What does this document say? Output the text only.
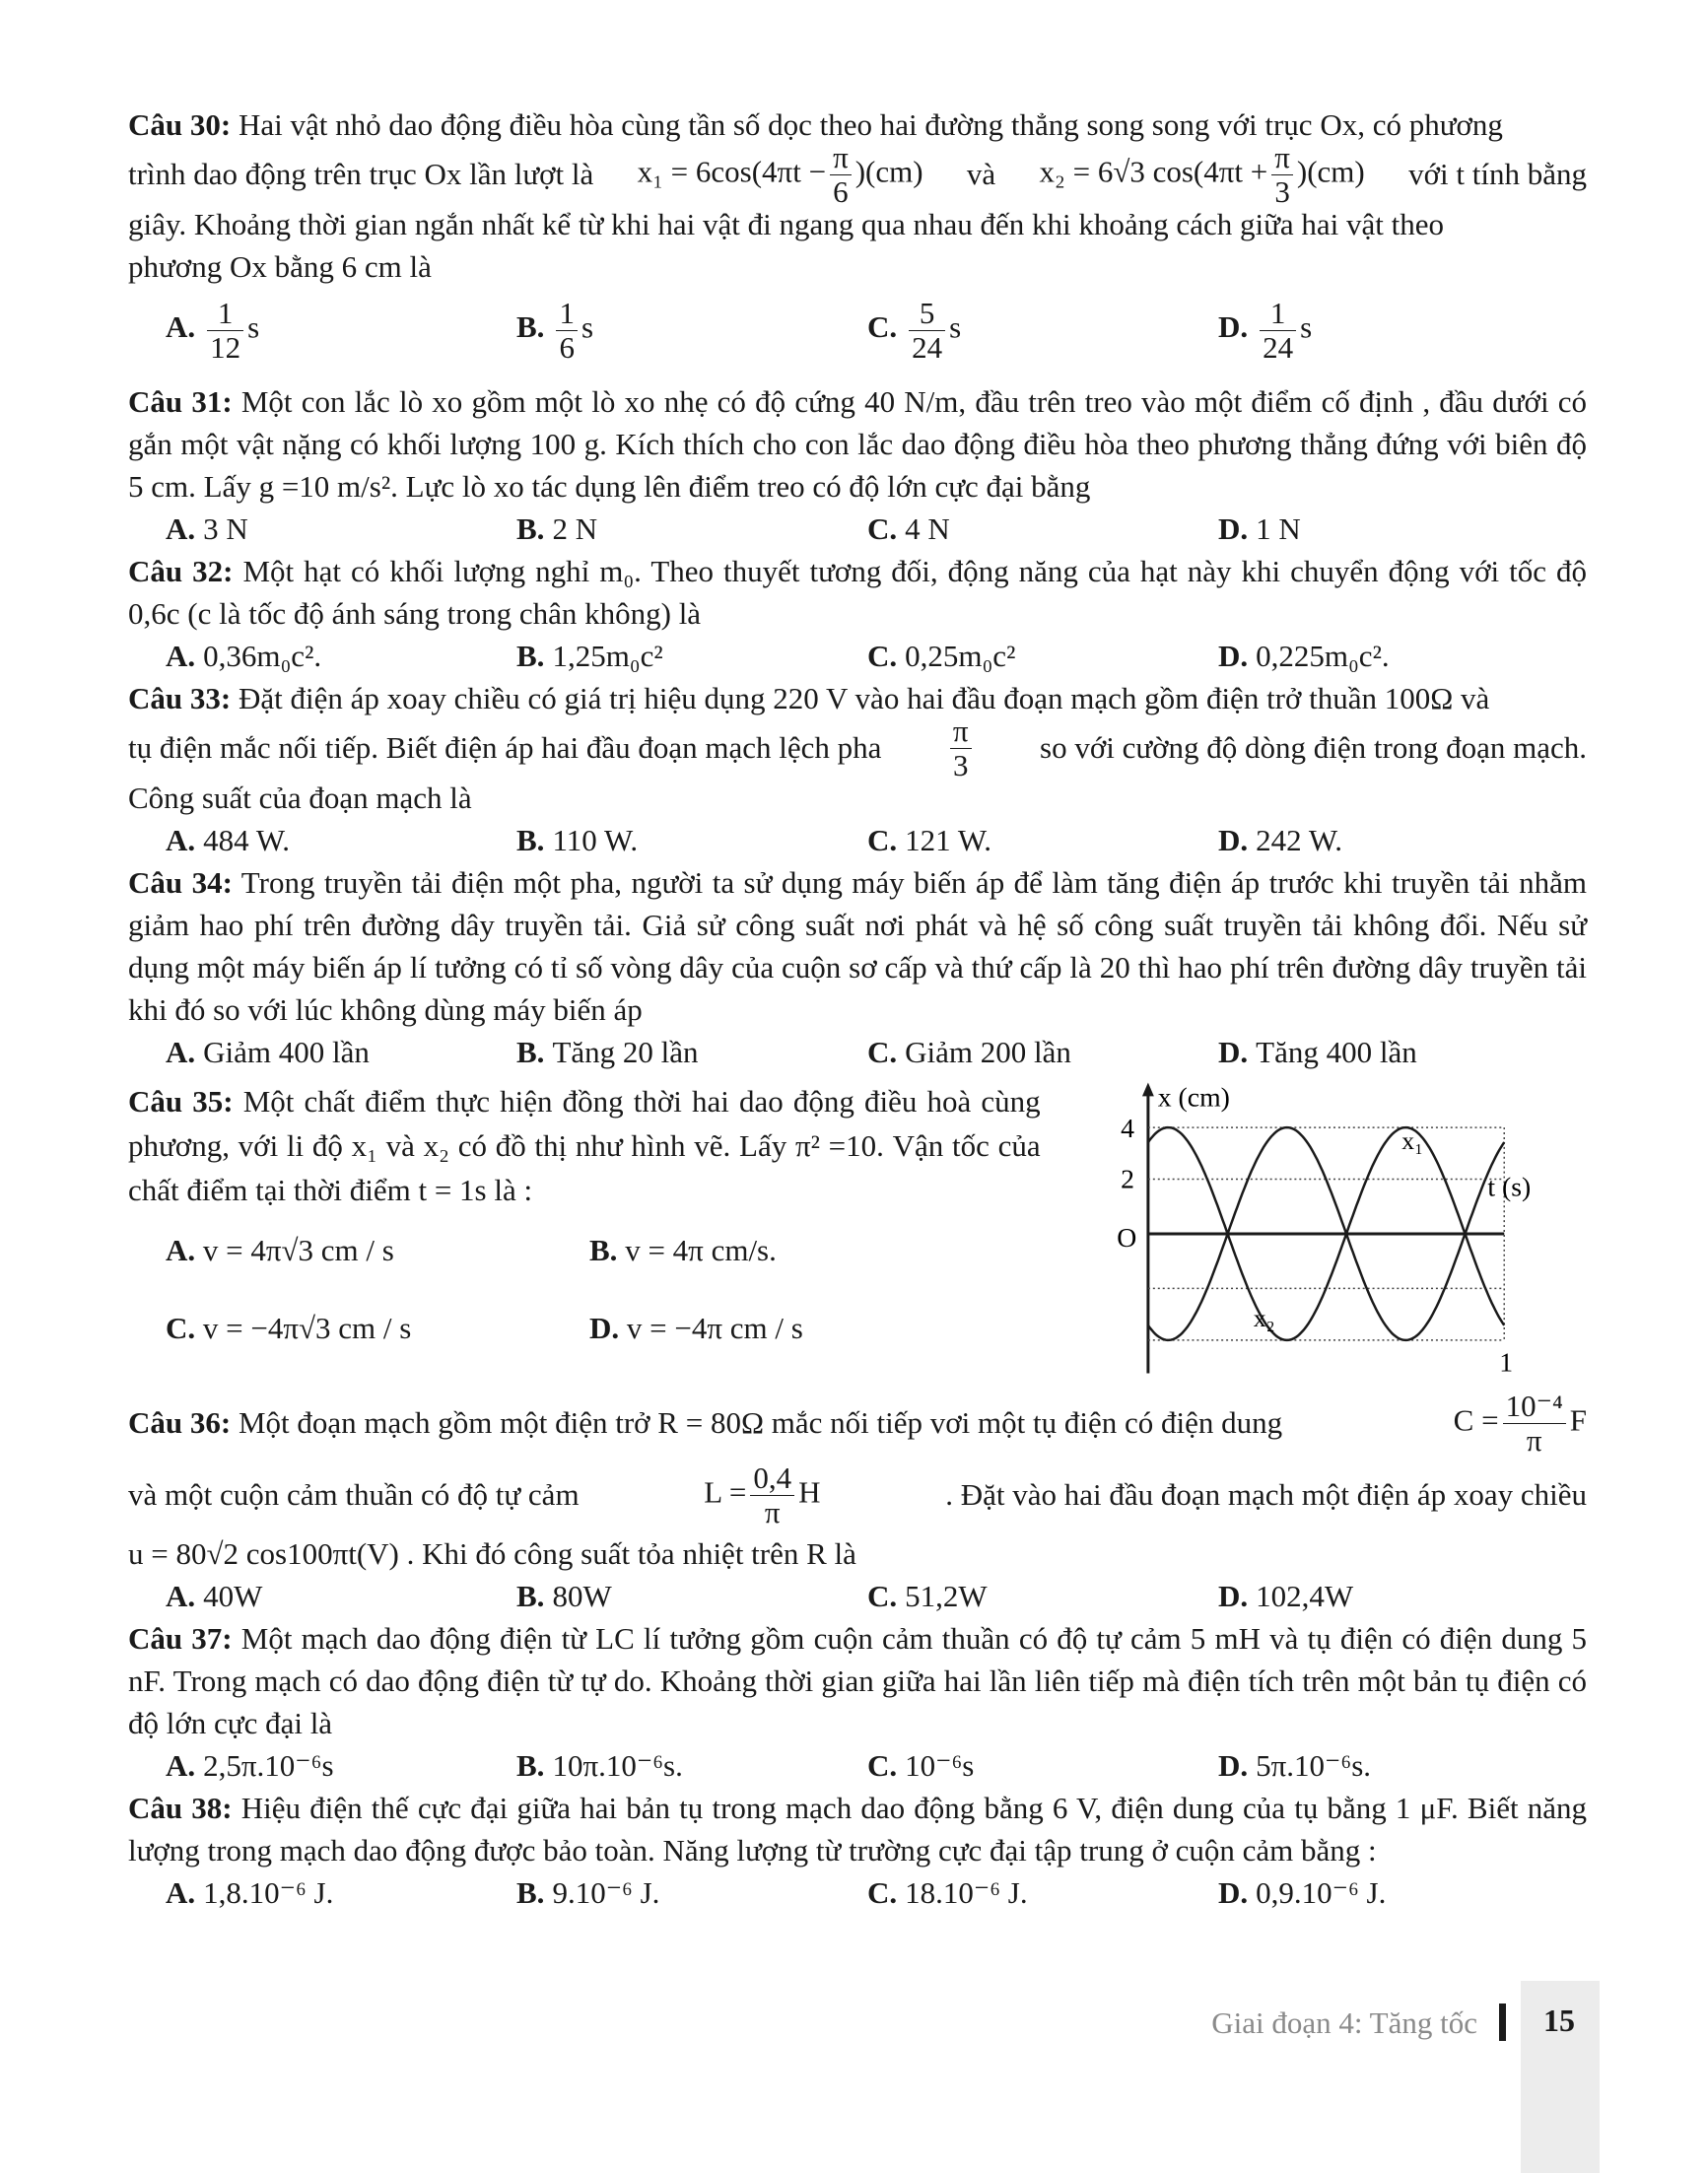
Câu 30: Hai vật nhỏ dao động điều hòa cùng tần số dọc theo hai đường thẳng song song với trục Ox, có phương
trình dao động trên trục Ox lần lượt là $x_1 = 6\cos(4\pi t - \frac{\pi}{6} )(cm)$ và x₂ = 6√3 $\cos(4\pi t + \frac{\pi}{3} )(cm)$ với t tính bằng
giây. Khoảng thời gian ngắn nhất kể từ khi hai vật đi ngang qua nhau đến khi khoảng cách giữa hai vật theo
phương Ox bằng 6 cm là
A. $\frac{1}{12}$ s	B. $\frac{1}{6}$ s	C. $\frac{5}{24}$ s	D. $\frac{1}{24}$ s
Câu 31: Một con lắc lò xo gồm một lò xo nhẹ có độ cứng 40 N/m, đầu trên treo vào một điểm cố định , đầu dưới có gắn một vật nặng có khối lượng 100 g. Kích thích cho con lắc dao động điều hòa theo phương thẳng đứng với biên độ 5 cm. Lấy g =10 m/s². Lực lò xo tác dụng lên điểm treo có độ lớn cực đại bằng
A. 3 N	B. 2 N	C. 4 N	D. 1 N
Câu 32: Một hạt có khối lượng nghỉ m₀. Theo thuyết tương đối, động năng của hạt này khi chuyển động với tốc độ 0,6c (c là tốc độ ánh sáng trong chân không) là
A. 0,36m₀c².	B. 1,25m₀c²	C. 0,25m₀c²	D. 0,225m₀c².
Câu 33: Đặt điện áp xoay chiều có giá trị hiệu dụng 220 V vào hai đầu đoạn mạch gồm điện trở thuần 100Ω và
tụ điện mắc nối tiếp. Biết điện áp hai đầu đoạn mạch lệch pha $\frac{\pi}{3}$ so với cường độ dòng điện trong đoạn mạch.
Công suất của đoạn mạch là
A. 484 W.	B. 110 W.	C. 121 W.	D. 242 W.
Câu 34: Trong truyền tải điện một pha, người ta sử dụng máy biến áp để làm tăng điện áp trước khi truyền tải nhằm giảm hao phí trên đường dây truyền tải. Giả sử công suất nơi phát và hệ số công suất truyền tải không đổi. Nếu sử dụng một máy biến áp lí tưởng có tỉ số vòng dây của cuộn sơ cấp và thứ cấp là 20 thì hao phí trên đường dây truyền tải khi đó so với lúc không dùng máy biến áp
A. Giảm 400 lần	B. Tăng 20 lần	C. Giảm 200 lần	D. Tăng 400 lần
Câu 35: Một chất điểm thực hiện đồng thời hai dao động điều hoà cùng phương, với li độ x₁ và x₂ có đồ thị như hình vẽ. Lấy π² =10. Vận tốc của chất điểm tại thời điểm t = 1s là :
A. v = 4π√3 cm / s	B. v = 4π cm/s.
C. v = −4π√3 cm / s	D. v = −4π cm / s
x (cm)
t (s)
O
4
2
1
x₁
x₂
Câu 36: Một đoạn mạch gồm một điện trở R = 80Ω mắc nối tiếp vơi một tụ điện có điện dung	$C = \frac{\text{10⁻⁴}}{\pi}$ F
và một cuộn cảm thuần có độ tự cảm	$L = \frac{0,4}{\pi}$ H	. Đặt vào hai đầu đoạn mạch một điện áp xoay chiều
u = 80√2 cos100πt(V) . Khi đó công suất tỏa nhiệt trên R là
A. 40W	B. 80W	C. 51,2W	D. 102,4W
Câu 37: Một mạch dao động điện từ LC lí tưởng gồm cuộn cảm thuần có độ tự cảm 5 mH và tụ điện có điện dung 5 nF. Trong mạch có dao động điện từ tự do. Khoảng thời gian giữa hai lần liên tiếp mà điện tích trên một bản tụ điện có độ lớn cực đại là
A. 2,5π.10⁻⁶s	B. 10π.10⁻⁶s.	C. 10⁻⁶s	D. 5π.10⁻⁶s.
Câu 38: Hiệu điện thế cực đại giữa hai bản tụ trong mạch dao động bằng 6 V, điện dung của tụ bằng 1 μF. Biết năng lượng trong mạch dao động được bảo toàn. Năng lượng từ trường cực đại tập trung ở cuộn cảm bằng :
A. 1,8.10⁻⁶ J.	B. 9.10⁻⁶ J.	C. 18.10⁻⁶ J.	D. 0,9.10⁻⁶ J.
Giai đoạn 4: Tăng tốc	15
